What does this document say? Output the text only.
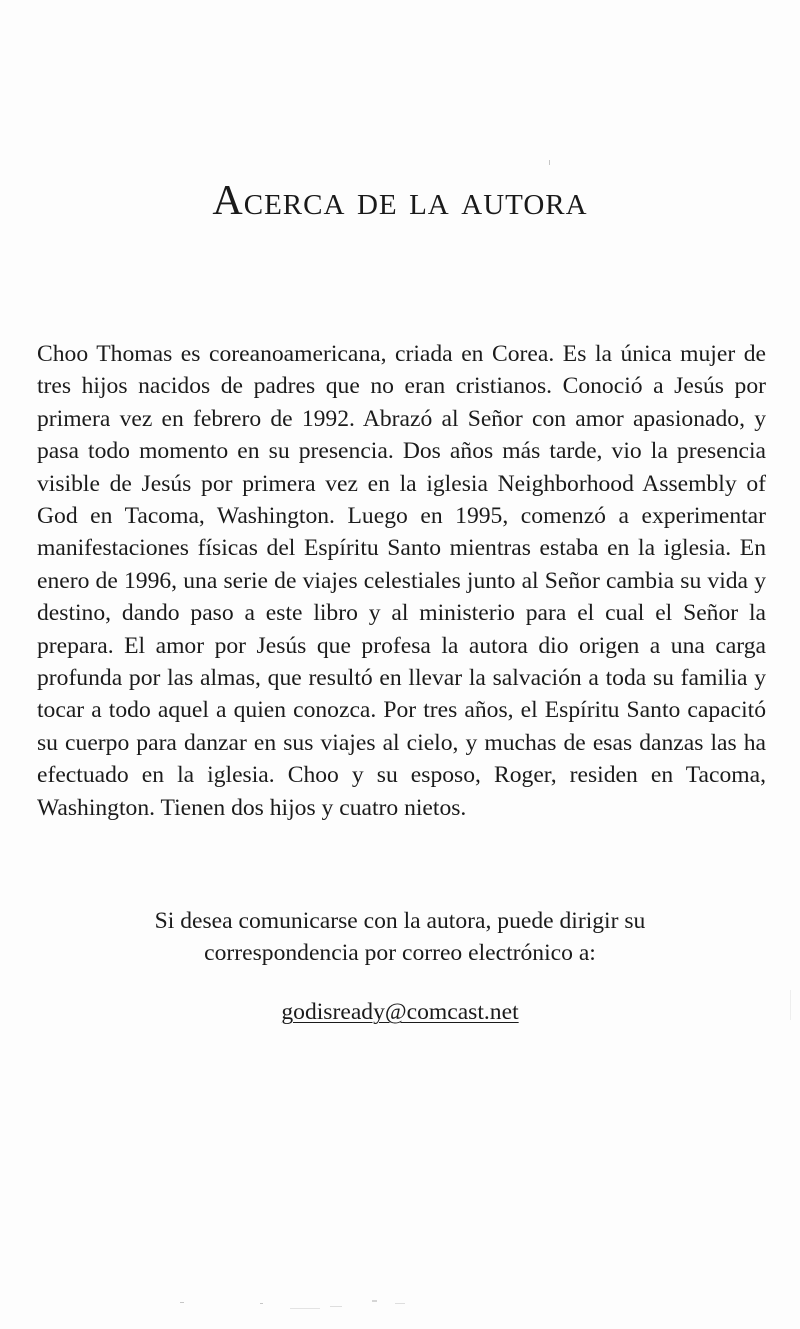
Acerca de la autora

Choo Thomas es coreanoamericana, criada en Corea. Es la única mujer de tres hijos nacidos de padres que no eran cristianos. Conoció a Jesús por primera vez en febrero de 1992. Abrazó al Señor con amor apasionado, y pasa todo momento en su presencia. Dos años más tarde, vio la presencia visible de Jesús por primera vez en la iglesia Neighborhood Assembly of God en Tacoma, Washington. Luego en 1995, comenzó a experimentar manifestaciones físicas del Espíritu Santo mientras estaba en la iglesia. En enero de 1996, una serie de viajes celestiales junto al Señor cambia su vida y destino, dando paso a este libro y al ministerio para el cual el Señor la prepara. El amor por Jesús que profesa la autora dio origen a una carga profunda por las almas, que resultó en llevar la salvación a toda su familia y tocar a todo aquel a quien conozca. Por tres años, el Espíritu Santo capacitó su cuerpo para danzar en sus viajes al cielo, y muchas de esas danzas las ha efectuado en la iglesia. Choo y su esposo, Roger, residen en Tacoma, Washington. Tienen dos hijos y cuatro nietos.

Si desea comunicarse con la autora, puede dirigir su
correspondencia por correo electrónico a:

godisready@comcast.net
